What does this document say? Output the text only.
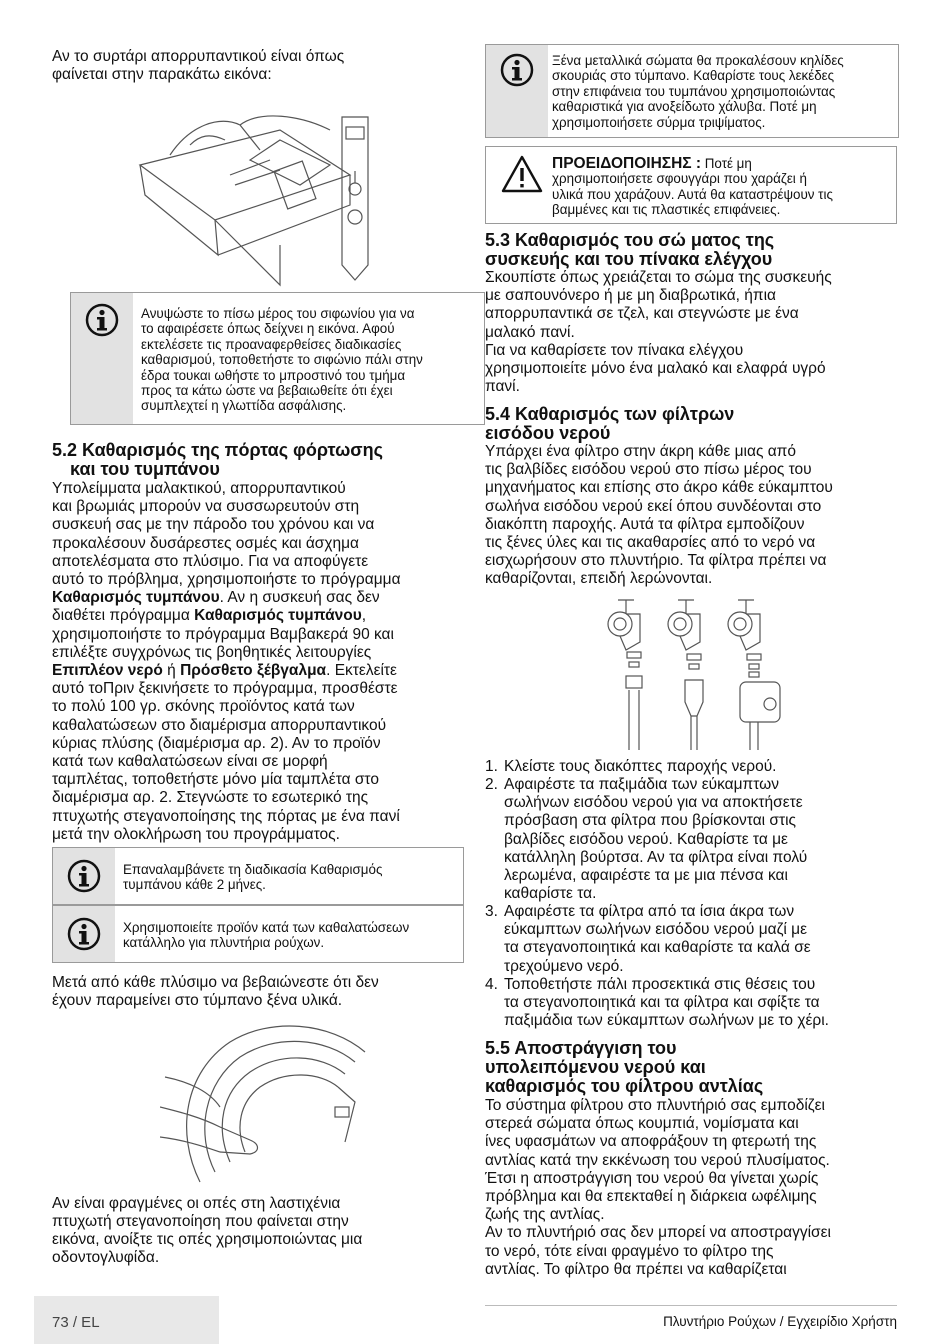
Αν το συρτάρι απορρυπαντικού είναι όπως

φαίνεται στην παρακάτω εικόνα:

Ανυψώστε το πίσω μέρος του σιφωνίου για να
το αφαιρέσετε όπως δείχνει η εικόνα. Αφού
εκτελέσετε τις προαναφερθείσες διαδικασίες
καθαρισμού, τοποθετήστε το σιφώνιο πάλι στην
έδρα τουκαι ωθήστε το μπροστινό του τμήμα
προς τα κάτω ώστε να βεβαιωθείτε ότι έχει
συμπλεχτεί η γλωττίδα ασφάλισης.

5.2 Καθαρισμός της πόρτας φόρτωσης

και του τυμπάνου

Υπολείμματα μαλακτικού, απορρυπαντικού
και βρωμιάς μπορούν να συσσωρευτούν στη
συσκευή σας με την πάροδο του χρόνου και να
προκαλέσουν δυσάρεστες οσμές και άσχημα
αποτελέσματα στο πλύσιμο. Για να αποφύγετε
αυτό το πρόβλημα, χρησιμοποιήστε το πρόγραμμα
Καθαρισμός τυμπάνου. Αν η συσκευή σας δεν
διαθέτει πρόγραμμα Καθαρισμός τυμπάνου,
χρησιμοποιήστε το πρόγραμμα Βαμβακερά 90 και
επιλέξτε συγχρόνως τις βοηθητικές λειτουργίες
Επιπλέον νερό ή Πρόσθετο ξέβγαλμα. Εκτελείτε
αυτό τοΠριν ξεκινήσετε το πρόγραμμα, προσθέστε
το πολύ 100 γρ. σκόνης προϊόντος κατά των
καθαλατώσεων στο διαμέρισμα απορρυπαντικού
κύριας πλύσης (διαμέρισμα αρ. 2). Αν το προϊόν
κατά των καθαλατώσεων είναι σε μορφή
ταμπλέτας, τοποθετήστε μόνο μία ταμπλέτα στο
διαμέρισμα αρ. 2. Στεγνώστε το εσωτερικό της
πτυχωτής στεγανοποίησης της πόρτας με ένα πανί
μετά την ολοκλήρωση του προγράμματος.
Επαναλαμβάνετε τη διαδικασία Καθαρισμός
τυμπάνου κάθε 2 μήνες.
Χρησιμοποιείτε προϊόν κατά των καθαλατώσεων
κατάλληλο για πλυντήρια ρούχων.

Μετά από κάθε πλύσιμο να βεβαιώνεστε ότι δεν

έχουν παραμείνει στο τύμπανο ξένα υλικά.

Αν είναι φραγμένες οι οπές στη λαστιχένια

πτυχωτή στεγανοποίηση που φαίνεται στην

εικόνα, ανοίξτε τις οπές χρησιμοποιώντας μια

οδοντογλυφίδα.

Ξένα μεταλλικά σώματα θα προκαλέσουν κηλίδες
σκουριάς στο τύμπανο. Καθαρίστε τους λεκέδες
στην επιφάνεια του τυμπάνου χρησιμοποιώντας
καθαριστικά για ανοξείδωτο χάλυβα. Ποτέ μη
χρησιμοποιήσετε σύρμα τριψίματος.
ΠΡΟΕΙΔΟΠΟΙΗΣΗΣ : Ποτέ μη
χρησιμοποιήσετε σφουγγάρι που χαράζει ή
υλικά που χαράζουν. Αυτά θα καταστρέψουν τις
βαμμένες και τις πλαστικές επιφάνειες.

5.3 Καθαρισμός του σώ ματος της

συσκευής και του πίνακα ελέγχου

Σκουπίστε όπως χρειάζεται το σώμα της συσκευής
με σαπουνόνερο ή με μη διαβρωτικά, ήπια
απορρυπαντικά σε τζελ, και στεγνώστε με ένα
μαλακό πανί.
Για να καθαρίσετε τον πίνακα ελέγχου
χρησιμοποιείτε μόνο ένα μαλακό και ελαφρά υγρό
πανί.

5.4 Καθαρισμός των φίλτρων

εισόδου νερού

Υπάρχει ένα φίλτρο στην άκρη κάθε μιας από
τις βαλβίδες εισόδου νερού στο πίσω μέρος του
μηχανήματος και επίσης στο άκρο κάθε εύκαμπτου
σωλήνα εισόδου νερού εκεί όπου συνδέονται στο
διακόπτη παροχής. Αυτά τα φίλτρα εμποδίζουν
τις ξένες ύλες και τις ακαθαρσίες από το νερό να
εισχωρήσουν στο πλυντήριο. Τα φίλτρα πρέπει να
καθαρίζονται, επειδή λερώνονται.
1. Κλείστε τους διακόπτες παροχής νερού.
2. Αφαιρέστε τα παξιμάδια των εύκαμπτων
σωλήνων εισόδου νερού για να αποκτήσετε
πρόσβαση στα φίλτρα που βρίσκονται στις
βαλβίδες εισόδου νερού. Καθαρίστε τα με
κατάλληλη βούρτσα. Αν τα φίλτρα είναι πολύ
λερωμένα, αφαιρέστε τα με μια πένσα και
καθαρίστε τα.
3. Αφαιρέστε τα φίλτρα από τα ίσια άκρα των
εύκαμπτων σωλήνων εισόδου νερού μαζί με
τα στεγανοποιητικά και καθαρίστε τα καλά σε
τρεχούμενο νερό.
4. Τοποθετήστε πάλι προσεκτικά στις θέσεις του
τα στεγανοποιητικά και τα φίλτρα και σφίξτε τα
παξιμάδια των εύκαμπτων σωλήνων με το χέρι.

5.5 Αποστράγγιση του

υπολειπόμενου νερού και

καθαρισμός του φίλτρου αντλίας

Το σύστημα φίλτρου στο πλυντήριό σας εμποδίζει
στερεά σώματα όπως κουμπιά, νομίσματα και
ίνες υφασμάτων να αποφράξουν τη φτερωτή της
αντλίας κατά την εκκένωση του νερού πλυσίματος.
Έτσι η αποστράγγιση του νερού θα γίνεται χωρίς
πρόβλημα και θα επεκταθεί η διάρκεια ωφέλιμης
ζωής της αντλίας.
Αν το πλυντήριό σας δεν μπορεί να αποστραγγίσει
το νερό, τότε είναι φραγμένο το φίλτρο της
αντλίας. Το φίλτρο θα πρέπει να καθαρίζεται
73 / EL	Πλυντήριο Ρούχων / Εγχειρίδιο Χρήστη
